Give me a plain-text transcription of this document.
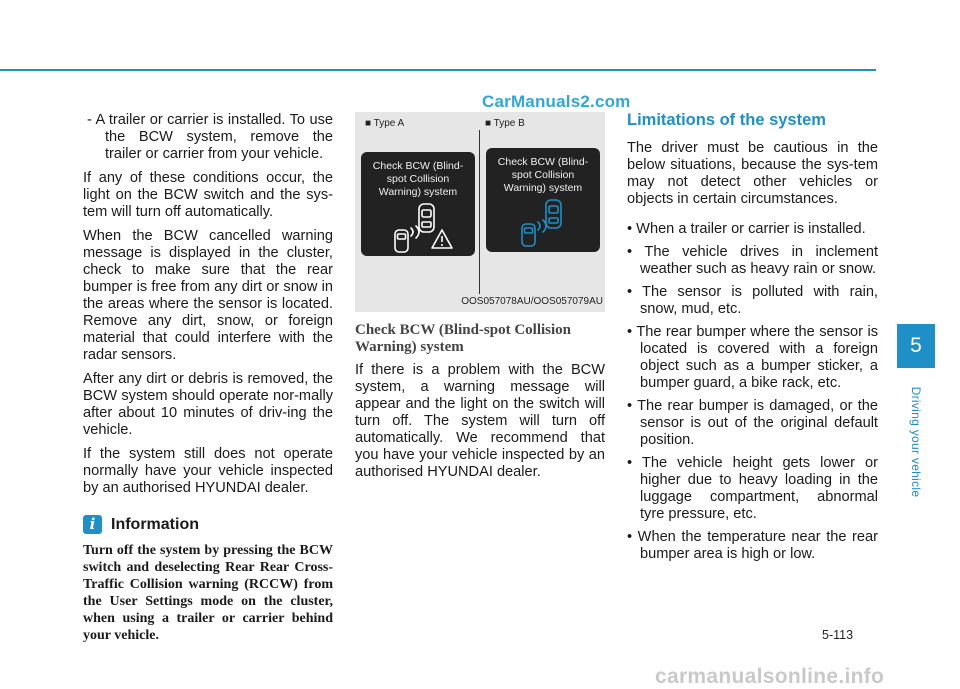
CarManuals2.com

- A trailer or carrier is installed. To use the BCW system, remove the trailer or carrier from your vehicle.

If any of these conditions occur, the light on the BCW switch and the sys-tem will turn off automatically.

When the BCW cancelled warning message is displayed in the cluster, check to make sure that the rear bumper is free from any dirt or snow in the areas where the sensor is located. Remove any dirt, snow, or foreign material that could interfere with the radar sensors.

After any dirt or debris is removed, the BCW system should operate nor-mally after about 10 minutes of driv-ing the vehicle.

If the system still does not operate normally have your vehicle inspected by an authorised HYUNDAI dealer.

i Information

Turn off the system by pressing the BCW switch and deselecting Rear Rear Cross-Traffic Collision warning (RCCW) from the User Settings mode on the cluster, when using a trailer or carrier behind your vehicle.

■ Type A	■ Type B
Check BCW (Blind-
spot Collision
Warning) system
Check BCW (Blind-
spot Collision
Warning) system
OOS057078AU/OOS057079AU
Check BCW (Blind-spot Collision Warning) system

If there is a problem with the BCW system, a warning message will appear and the light on the switch will turn off. The system will turn off automatically. We recommend that you have your vehicle inspected by an authorised HYUNDAI dealer.

Limitations of the system

The driver must be cautious in the below situations, because the sys-tem may not detect other vehicles or objects in certain circumstances.

• When a trailer or carrier is installed.

• The vehicle drives in inclement weather such as heavy rain or snow.

• The sensor is polluted with rain, snow, mud, etc.

• The rear bumper where the sensor is located is covered with a foreign object such as a bumper sticker, a bumper guard, a bike rack, etc.

• The rear bumper is damaged, or the sensor is out of the original default position.

• The vehicle height gets lower or higher due to heavy loading in the luggage compartment, abnormal tyre pressure, etc.

• When the temperature near the rear bumper area is high or low.

5
Driving your vehicle
5-113
carmanualsonline.info
